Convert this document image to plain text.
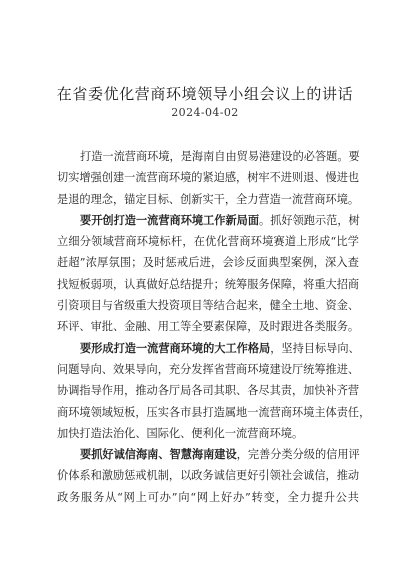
在省委优化营商环境领导小组会议上的讲话
2024-04-02
打造一流营商环境，是海南自由贸易港建设的必答题。要
切实增强创建一流营商环境的紧迫感，树牢不进则退、慢进也
是退的理念，锚定目标、创新实干，全力营造一流营商环境。
要开创打造一流营商环境工作新局面。抓好领跑示范，树
立细分领域营商环境标杆，在优化营商环境赛道上形成“比学
赶超”浓厚氛围；及时惩戒后进，会诊反面典型案例，深入查
找短板弱项，认真做好总结提升；统筹服务保障，将重大招商
引资项目与省级重大投资项目等结合起来，健全土地、资金、
环评、审批、金融、用工等全要素保障，及时跟进各类服务。
要形成打造一流营商环境的大工作格局，坚持目标导向、
问题导向、效果导向，充分发挥省营商环境建设厅统筹推进、
协调指导作用，推动各厅局各司其职、各尽其责，加快补齐营
商环境领域短板，压实各市县打造属地一流营商环境主体责任，
加快打造法治化、国际化、便利化一流营商环境。
要抓好诚信海南、智慧海南建设，完善分类分级的信用评
价体系和激励惩戒机制，以政务诚信更好引领社会诚信，推动
政务服务从“网上可办”向“网上好办”转变，全力提升公共
